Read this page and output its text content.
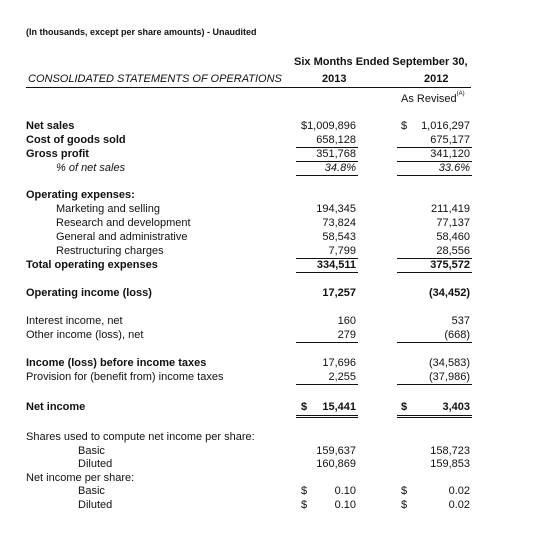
(In thousands, except per share amounts) - Unaudited
Six Months Ended September 30,
2013	2012
CONSOLIDATED STATEMENTS OF OPERATIONS
As Revised$^{(A)}$
Net sales	$ 1,009,896	$	1,016,297
Cost of goods sold	658,128	675,177
Gross profit	351,768	341,120
% of net sales	34.8%	33.6%
Operating expenses:
Marketing and selling	194,345	211,419
Research and development	73,824	77,137
General and administrative	58,543	58,460
Restructuring charges	7,799	28,556
Total operating expenses	334,511	375,572
Operating income (loss)	17,257	(34,452)
Interest income, net	160	537
Other income (loss), net	279	(668)
Income (loss) before income taxes	17,696	(34,583)
Provision for (benefit from) income taxes	2,255	(37,986)
Net income	$	15,441	$	3,403
Shares used to compute net income per share:
Basic	159,637	158,723
Diluted	160,869	159,853
Net income per share:
Basic	$	0.10	$	0.02
Diluted	$	0.10	$	0.02
